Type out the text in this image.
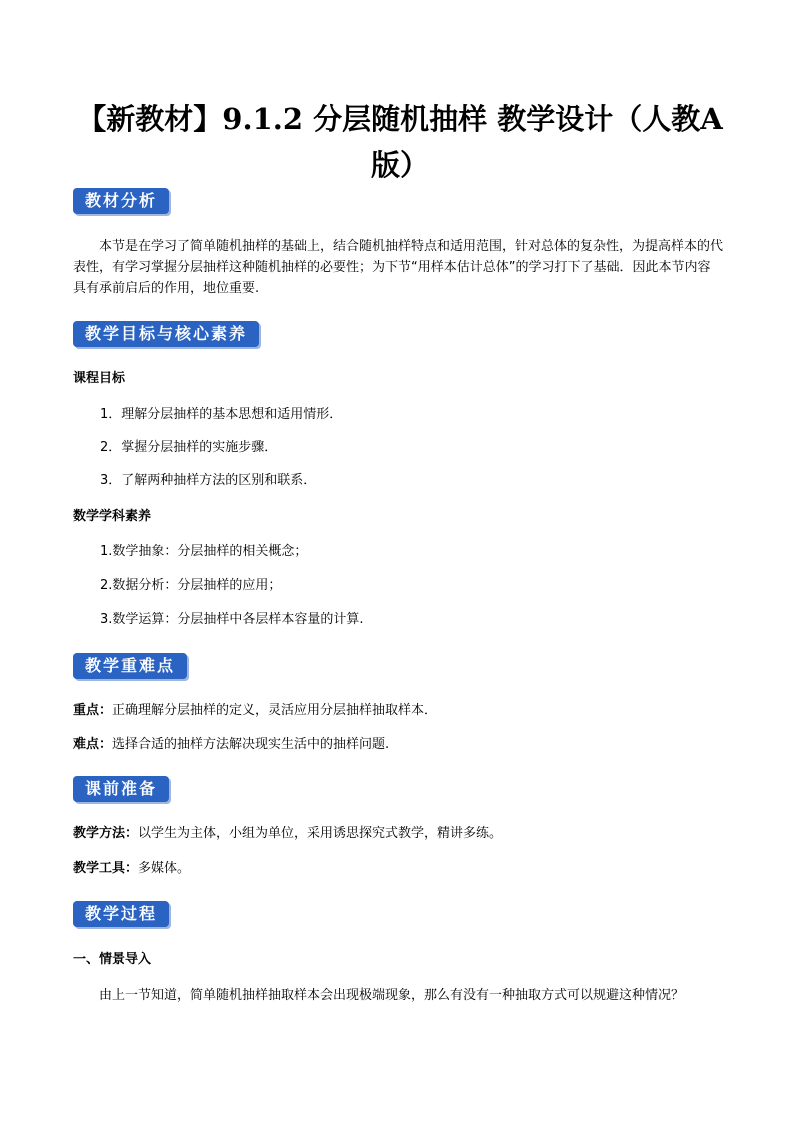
【新教材】9.1.2 分层随机抽样 教学设计（人教A版）
教材分析
本节是在学习了简单随机抽样的基础上，结合随机抽样特点和适用范围，针对总体的复杂性，为提高样本的代表性，有学习掌握分层抽样这种随机抽样的必要性；为下节“用样本估计总体”的学习打下了基础．因此本节内容具有承前启后的作用，地位重要.
教学目标与核心素养
课程目标
1．理解分层抽样的基本思想和适用情形．
2．掌握分层抽样的实施步骤．
3．了解两种抽样方法的区别和联系．
数学学科素养
1.数学抽象：分层抽样的相关概念；
2.数据分析：分层抽样的应用；
3.数学运算：分层抽样中各层样本容量的计算.
教学重难点
重点：正确理解分层抽样的定义，灵活应用分层抽样抽取样本．
难点：选择合适的抽样方法解决现实生活中的抽样问题.
课前准备
教学方法：以学生为主体，小组为单位，采用诱思探究式教学，精讲多练。
教学工具：多媒体。
教学过程
一、情景导入
由上一节知道，简单随机抽样抽取样本会出现极端现象，那么有没有一种抽取方式可以规避这种情况？
